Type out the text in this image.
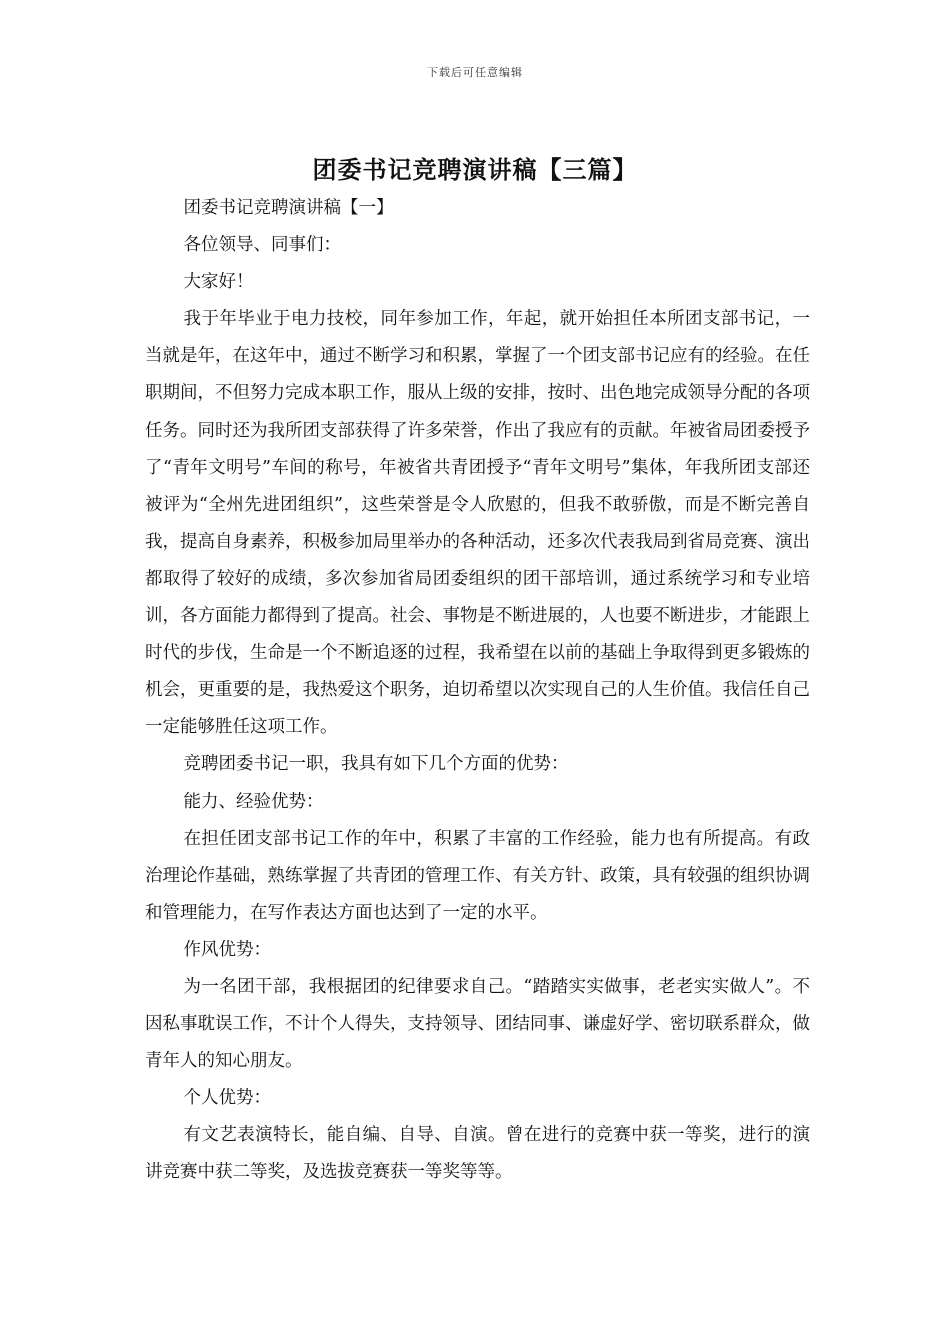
下载后可任意编辑
团委书记竞聘演讲稿【三篇】

团委书记竞聘演讲稿【一】

各位领导、同事们：

大家好！

我于年毕业于电力技校，同年参加工作，年起，就开始担任本所团支部书记，一当就是年，在这年中，通过不断学习和积累，掌握了一个团支部书记应有的经验。在任职期间，不但努力完成本职工作，服从上级的安排，按时、出色地完成领导分配的各项任务。同时还为我所团支部获得了许多荣誉，作出了我应有的贡献。年被省局团委授予了“青年文明号”车间的称号，年被省共青团授予“青年文明号”集体，年我所团支部还被评为“全州先进团组织”，这些荣誉是令人欣慰的，但我不敢骄傲，而是不断完善自我，提高自身素养，积极参加局里举办的各种活动，还多次代表我局到省局竞赛、演出都取得了较好的成绩，多次参加省局团委组织的团干部培训，通过系统学习和专业培训，各方面能力都得到了提高。社会、事物是不断进展的，人也要不断进步，才能跟上时代的步伐，生命是一个不断追逐的过程，我希望在以前的基础上争取得到更多锻炼的机会，更重要的是，我热爱这个职务，迫切希望以次实现自己的人生价值。我信任自己一定能够胜任这项工作。

竞聘团委书记一职，我具有如下几个方面的优势：

能力、经验优势：

在担任团支部书记工作的年中，积累了丰富的工作经验，能力也有所提高。有政治理论作基础，熟练掌握了共青团的管理工作、有关方针、政策，具有较强的组织协调和管理能力，在写作表达方面也达到了一定的水平。

作风优势：

为一名团干部，我根据团的纪律要求自己。“踏踏实实做事，老老实实做人”。不因私事耽误工作，不计个人得失，支持领导、团结同事、谦虚好学、密切联系群众，做青年人的知心朋友。

个人优势：

有文艺表演特长，能自编、自导、自演。曾在进行的竞赛中获一等奖，进行的演讲竞赛中获二等奖，及选拔竞赛获一等奖等等。
